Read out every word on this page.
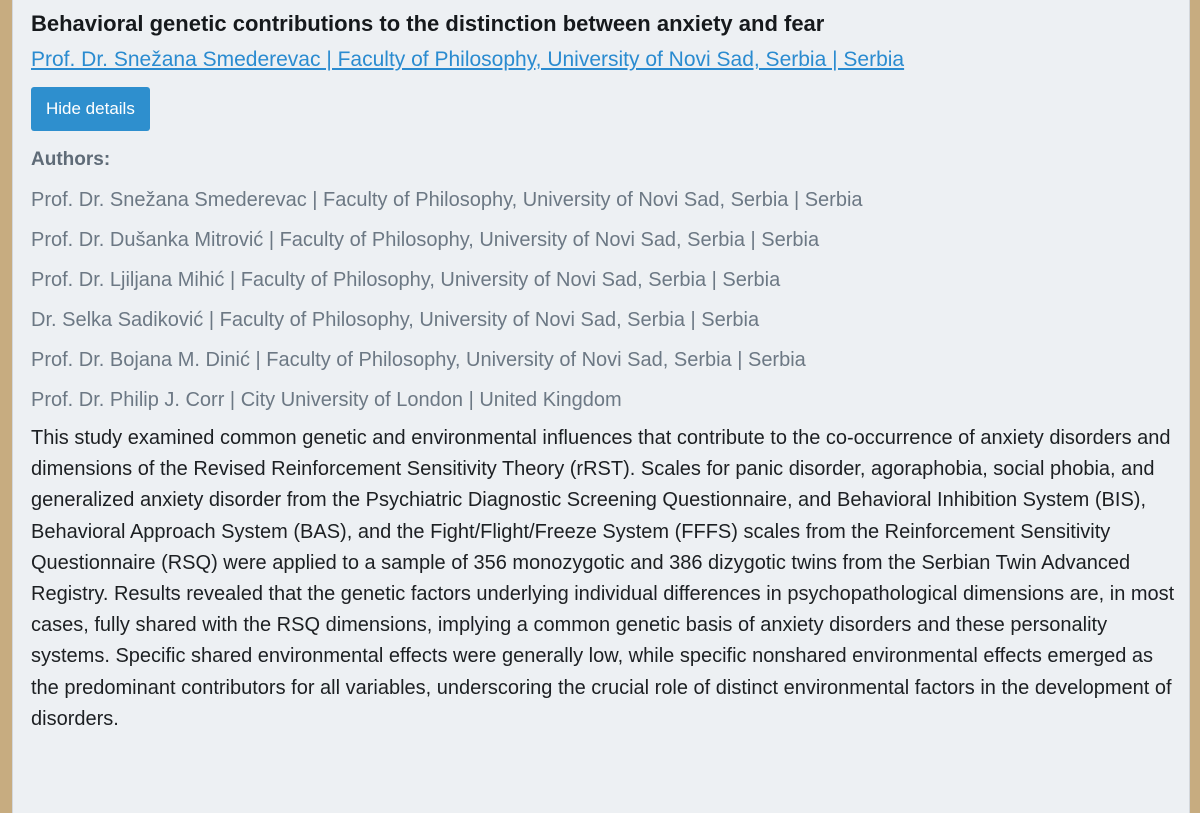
Behavioral genetic contributions to the distinction between anxiety and fear
Prof. Dr. Snežana Smederevac | Faculty of Philosophy, University of Novi Sad, Serbia | Serbia
Hide details
Authors:
Prof. Dr. Snežana Smederevac | Faculty of Philosophy, University of Novi Sad, Serbia | Serbia
Prof. Dr. Dušanka Mitrović | Faculty of Philosophy, University of Novi Sad, Serbia | Serbia
Prof. Dr. Ljiljana Mihić | Faculty of Philosophy, University of Novi Sad, Serbia | Serbia
Dr. Selka Sadiković | Faculty of Philosophy, University of Novi Sad, Serbia | Serbia
Prof. Dr. Bojana M. Dinić | Faculty of Philosophy, University of Novi Sad, Serbia | Serbia
Prof. Dr. Philip J. Corr | City University of London | United Kingdom

This study examined common genetic and environmental influences that contribute to the co-occurrence of anxiety disorders and dimensions of the Revised Reinforcement Sensitivity Theory (rRST). Scales for panic disorder, agoraphobia, social phobia, and generalized anxiety disorder from the Psychiatric Diagnostic Screening Questionnaire, and Behavioral Inhibition System (BIS), Behavioral Approach System (BAS), and the Fight/Flight/Freeze System (FFFS) scales from the Reinforcement Sensitivity Questionnaire (RSQ) were applied to a sample of 356 monozygotic and 386 dizygotic twins from the Serbian Twin Advanced Registry. Results revealed that the genetic factors underlying individual differences in psychopathological dimensions are, in most cases, fully shared with the RSQ dimensions, implying a common genetic basis of anxiety disorders and these personality systems. Specific shared environmental effects were generally low, while specific nonshared environmental effects emerged as the predominant contributors for all variables, underscoring the crucial role of distinct environmental factors in the development of disorders.
